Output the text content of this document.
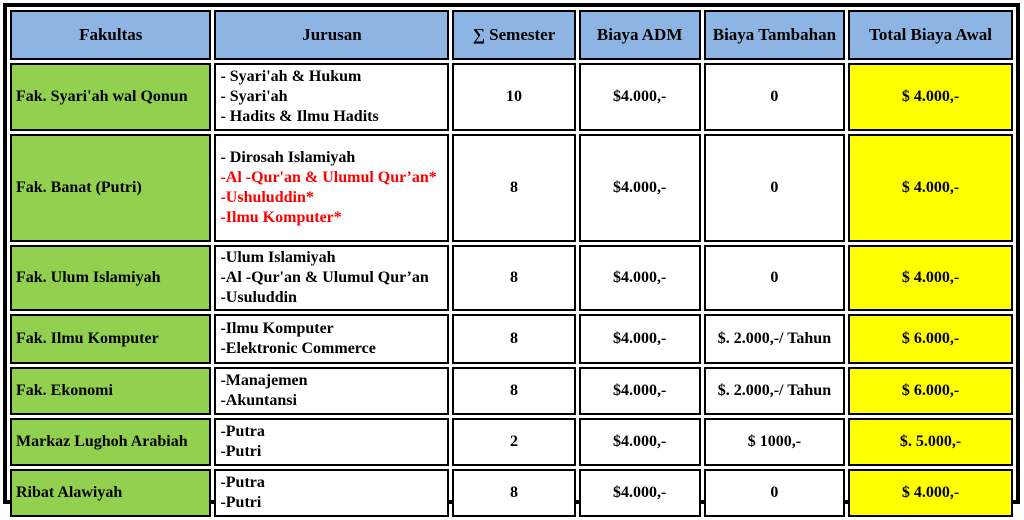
Fakultas	Jurusan	∑ Semester	Biaya ADM	Biaya Tambahan	Total Biaya Awal
Fak. Syari'ah wal Qonun	- Syari'ah & Hukum
- Syari'ah
- Hadits & Ilmu Hadits	10	$4.000,-	0	$ 4.000,-
Fak. Banat (Putri)	- Dirosah Islamiyah
-Al -Qur'an & Ulumul Qur’an*
-Ushuluddin*
-Ilmu Komputer*	8	$4.000,-	0	$ 4.000,-
Fak. Ulum Islamiyah	-Ulum Islamiyah
-Al -Qur'an & Ulumul Qur’an
-Usuluddin	8	$4.000,-	0	$ 4.000,-
Fak. Ilmu Komputer	-Ilmu Komputer
-Elektronic Commerce	8	$4.000,-	$. 2.000,-/ Tahun	$ 6.000,-
Fak. Ekonomi	-Manajemen
-Akuntansi	8	$4.000,-	$. 2.000,-/ Tahun	$ 6.000,-
Markaz Lughoh Arabiah	-Putra
-Putri	2	$4.000,-	$ 1000,-	$. 5.000,-
Ribat Alawiyah	-Putra
-Putri	8	$4.000,-	0	$ 4.000,-
